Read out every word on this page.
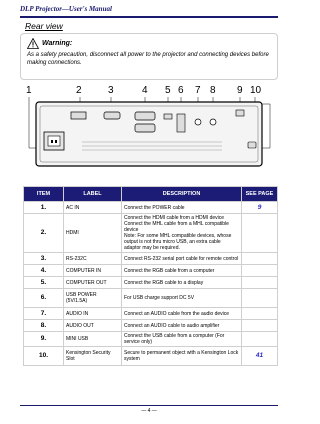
DLP Projector—User's Manual
Rear view
Warning:
As a safety precaution, disconnect all power to the projector and connecting devices before making connections.
1	2	3	4 5 6 7 8 9 10
ITEM	LABEL	DESCRIPTION	SEE PAGE
1.	AC IN	Connect the POWER cable	9
2.	HDMI	Connect the HDMI cable from a HDMI device
Connect the MHL cable from a MHL compatible device
Note: For some MHL compatible devices, whose output is not thru micro USB, an extra cable adaptor may be required.	
3.	RS-232C	Connect RS-232 serial port cable for remote control	
4.	COMPUTER IN	Connect the RGB cable from a computer	
5.	COMPUTER OUT	Connect the RGB cable to a display	
6.	USB POWER
(5V/1.5A)	For USB charge support DC 5V	
7.	AUDIO IN	Connect an AUDIO cable from the audio device	
8.	AUDIO OUT	Connect an AUDIO cable to audio amplifier	
9.	MINI USB	Connect the USB cable from a computer (For service only)	
10.	Kensington Security Slot	Secure to permanent object with a Kensington Lock system	41
— 4 —
